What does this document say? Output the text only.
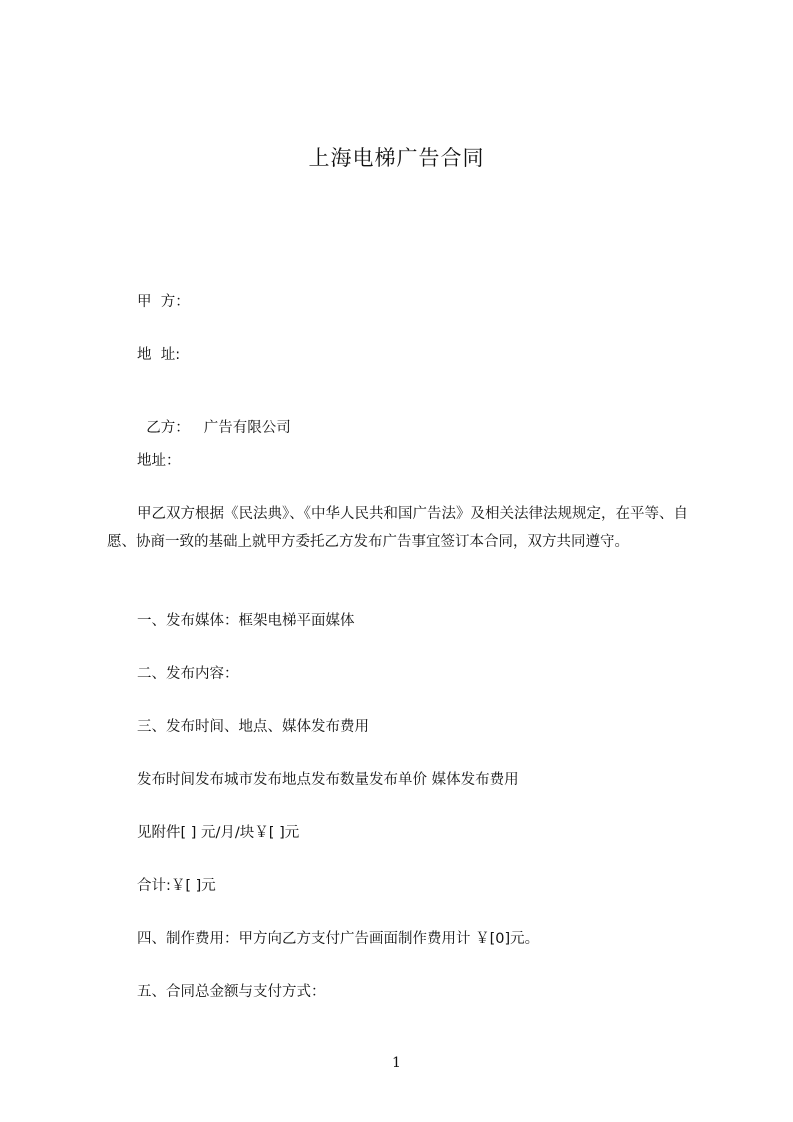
上海电梯广告合同
甲  方：
地  址:

乙方： 广告有限公司

地址：

甲乙双方根据《民法典》、《中华人民共和国广告法》及相关法律法规规定，在平等、自愿、协商一致的基础上就甲方委托乙方发布广告事宜签订本合同，双方共同遵守。

一、发布媒体：框架电梯平面媒体
二、发布内容：
三、发布时间、地点、媒体发布费用
发布时间发布城市发布地点发布数量发布单价 媒体发布费用
见附件[ ] 元/月/块￥[ ]元
合计:￥[ ]元
四、制作费用：甲方向乙方支付广告画面制作费用计 ￥[0]元。
五、合同总金额与支付方式：
1
